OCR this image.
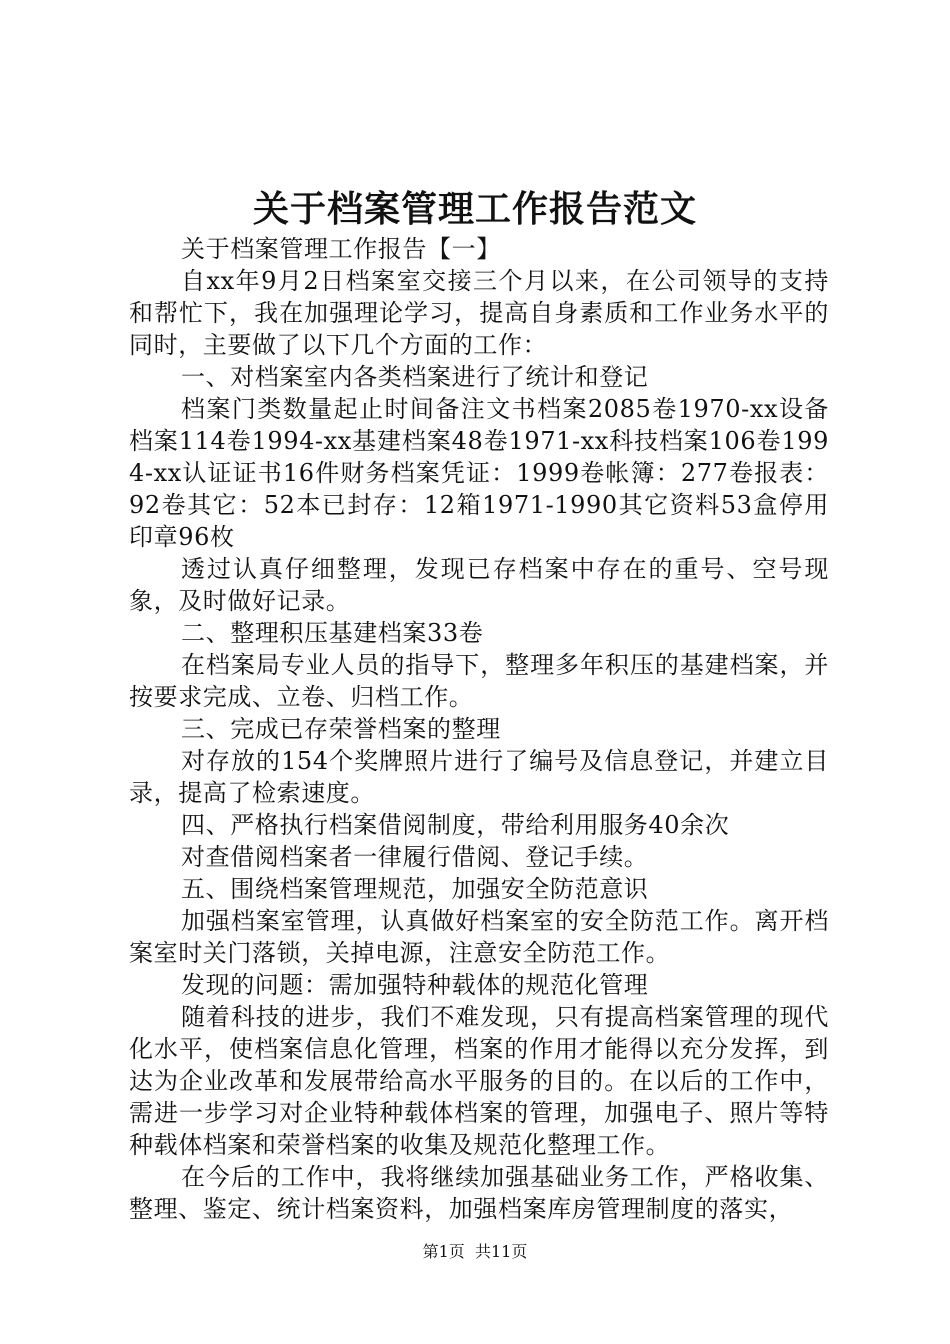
关于档案管理工作报告范文

关于档案管理工作报告【一】

自xx年9月2日档案室交接三个月以来，在公司领导的支持和帮忙下，我在加强理论学习，提高自身素质和工作业务水平的同时，主要做了以下几个方面的工作：

一、对档案室内各类档案进行了统计和登记

档案门类数量起止时间备注文书档案2085卷1970-xx设备档案114卷1994-xx基建档案48卷1971-xx科技档案106卷1994-xx认证证书16件财务档案凭证：1999卷帐簿：277卷报表：92卷其它：52本已封存：12箱1971-1990其它资料53盒停用印章96枚

透过认真仔细整理，发现已存档案中存在的重号、空号现象，及时做好记录。

二、整理积压基建档案33卷

在档案局专业人员的指导下，整理多年积压的基建档案，并按要求完成、立卷、归档工作。

三、完成已存荣誉档案的整理

对存放的154个奖牌照片进行了编号及信息登记，并建立目录，提高了检索速度。

四、严格执行档案借阅制度，带给利用服务40余次

对查借阅档案者一律履行借阅、登记手续。

五、围绕档案管理规范，加强安全防范意识

加强档案室管理，认真做好档案室的安全防范工作。离开档案室时关门落锁，关掉电源，注意安全防范工作。

发现的问题：需加强特种载体的规范化管理

随着科技的进步，我们不难发现，只有提高档案管理的现代化水平，使档案信息化管理，档案的作用才能得以充分发挥，到达为企业改革和发展带给高水平服务的目的。在以后的工作中，需进一步学习对企业特种载体档案的管理，加强电子、照片等特种载体档案和荣誉档案的收集及规范化整理工作。

在今后的工作中，我将继续加强基础业务工作，严格收集、整理、鉴定、统计档案资料，加强档案库房管理制度的落实，

第1页 共11页
